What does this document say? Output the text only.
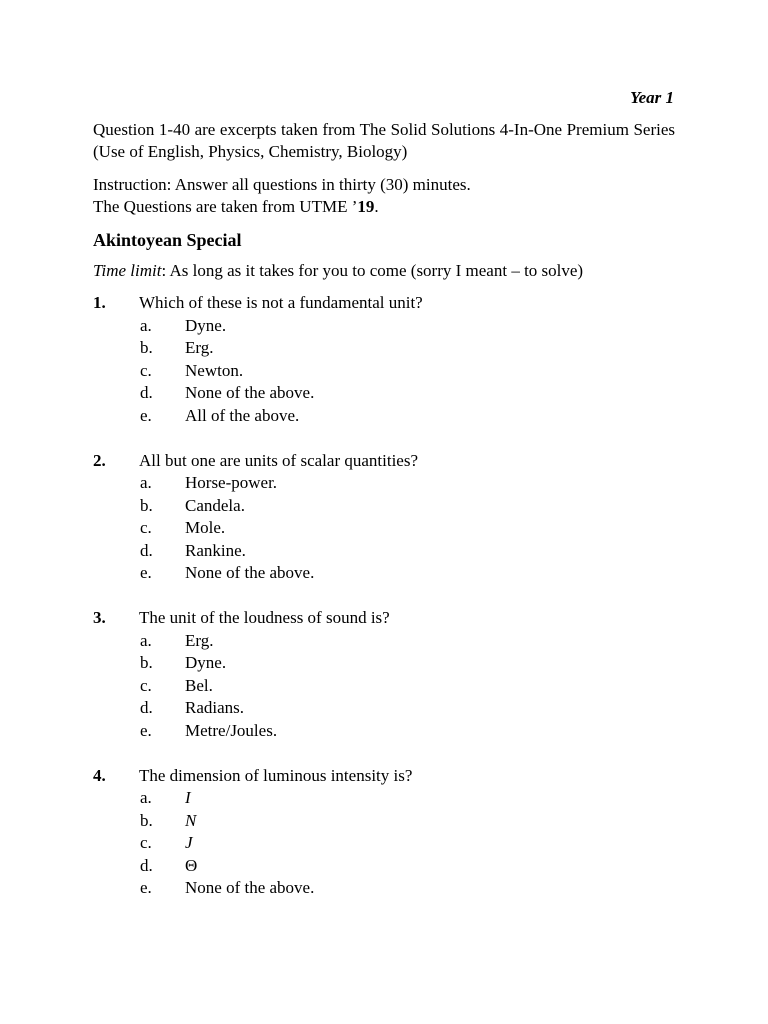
Year 1
Question 1-40 are excerpts taken from The Solid Solutions 4-In-One Premium Series (Use of English, Physics, Chemistry, Biology)
Instruction: Answer all questions in thirty (30) minutes.
The Questions are taken from UTME ’19.
Akintoyean Special
Time limit: As long as it takes for you to come (sorry I meant – to solve)
1. Which of these is not a fundamental unit?
a. Dyne.
b. Erg.
c. Newton.
d. None of the above.
e. All of the above.
2. All but one are units of scalar quantities?
a. Horse-power.
b. Candela.
c. Mole.
d. Rankine.
e. None of the above.
3. The unit of the loudness of sound is?
a. Erg.
b. Dyne.
c. Bel.
d. Radians.
e. Metre/Joules.
4. The dimension of luminous intensity is?
a. I
b. N
c. J
d. Θ
e. None of the above.
